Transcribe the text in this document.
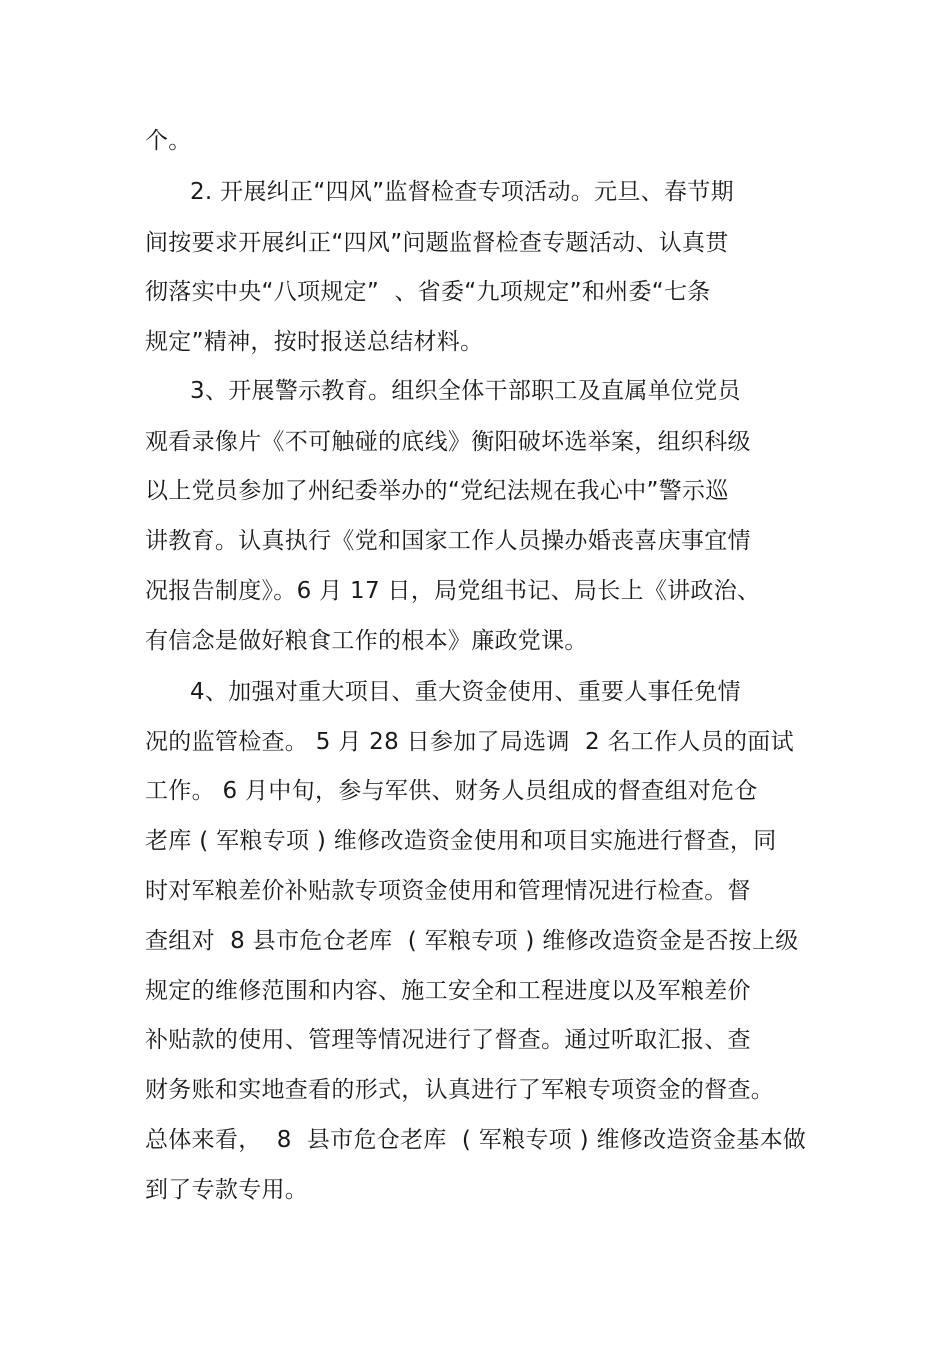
个。
2. 开展纠正“四风”监督检查专项活动。元旦、春节期
间按要求开展纠正“四风”问题监督检查专题活动、认真贯
彻落实中央“八项规定”  、省委“九项规定”和州委“七条
规定”精神，按时报送总结材料。
3、开展警示教育。组织全体干部职工及直属单位党员
观看录像片《不可触碰的底线》衡阳破坏选举案，组织科级
以上党员参加了州纪委举办的“党纪法规在我心中”警示巡
讲教育。认真执行《党和国家工作人员操办婚丧喜庆事宜情
况报告制度》。6 月 17 日，局党组书记、局长上《讲政治、
有信念是做好粮食工作的根本》廉政党课。
4、加强对重大项目、重大资金使用、重要人事任免情
况的监管检查。 5 月 28 日参加了局选调  2 名工作人员的面试
工作。 6 月中旬，参与军供、财务人员组成的督查组对危仓
老库 ( 军粮专项 ) 维修改造资金使用和项目实施进行督查，同
时对军粮差价补贴款专项资金使用和管理情况进行检查。督
查组对  8 县市危仓老库  ( 军粮专项 ) 维修改造资金是否按上级
规定的维修范围和内容、施工安全和工程进度以及军粮差价
补贴款的使用、管理等情况进行了督查。通过听取汇报、查
财务账和实地查看的形式，认真进行了军粮专项资金的督查。
总体来看，  8  县市危仓老库  ( 军粮专项 ) 维修改造资金基本做
到了专款专用。
